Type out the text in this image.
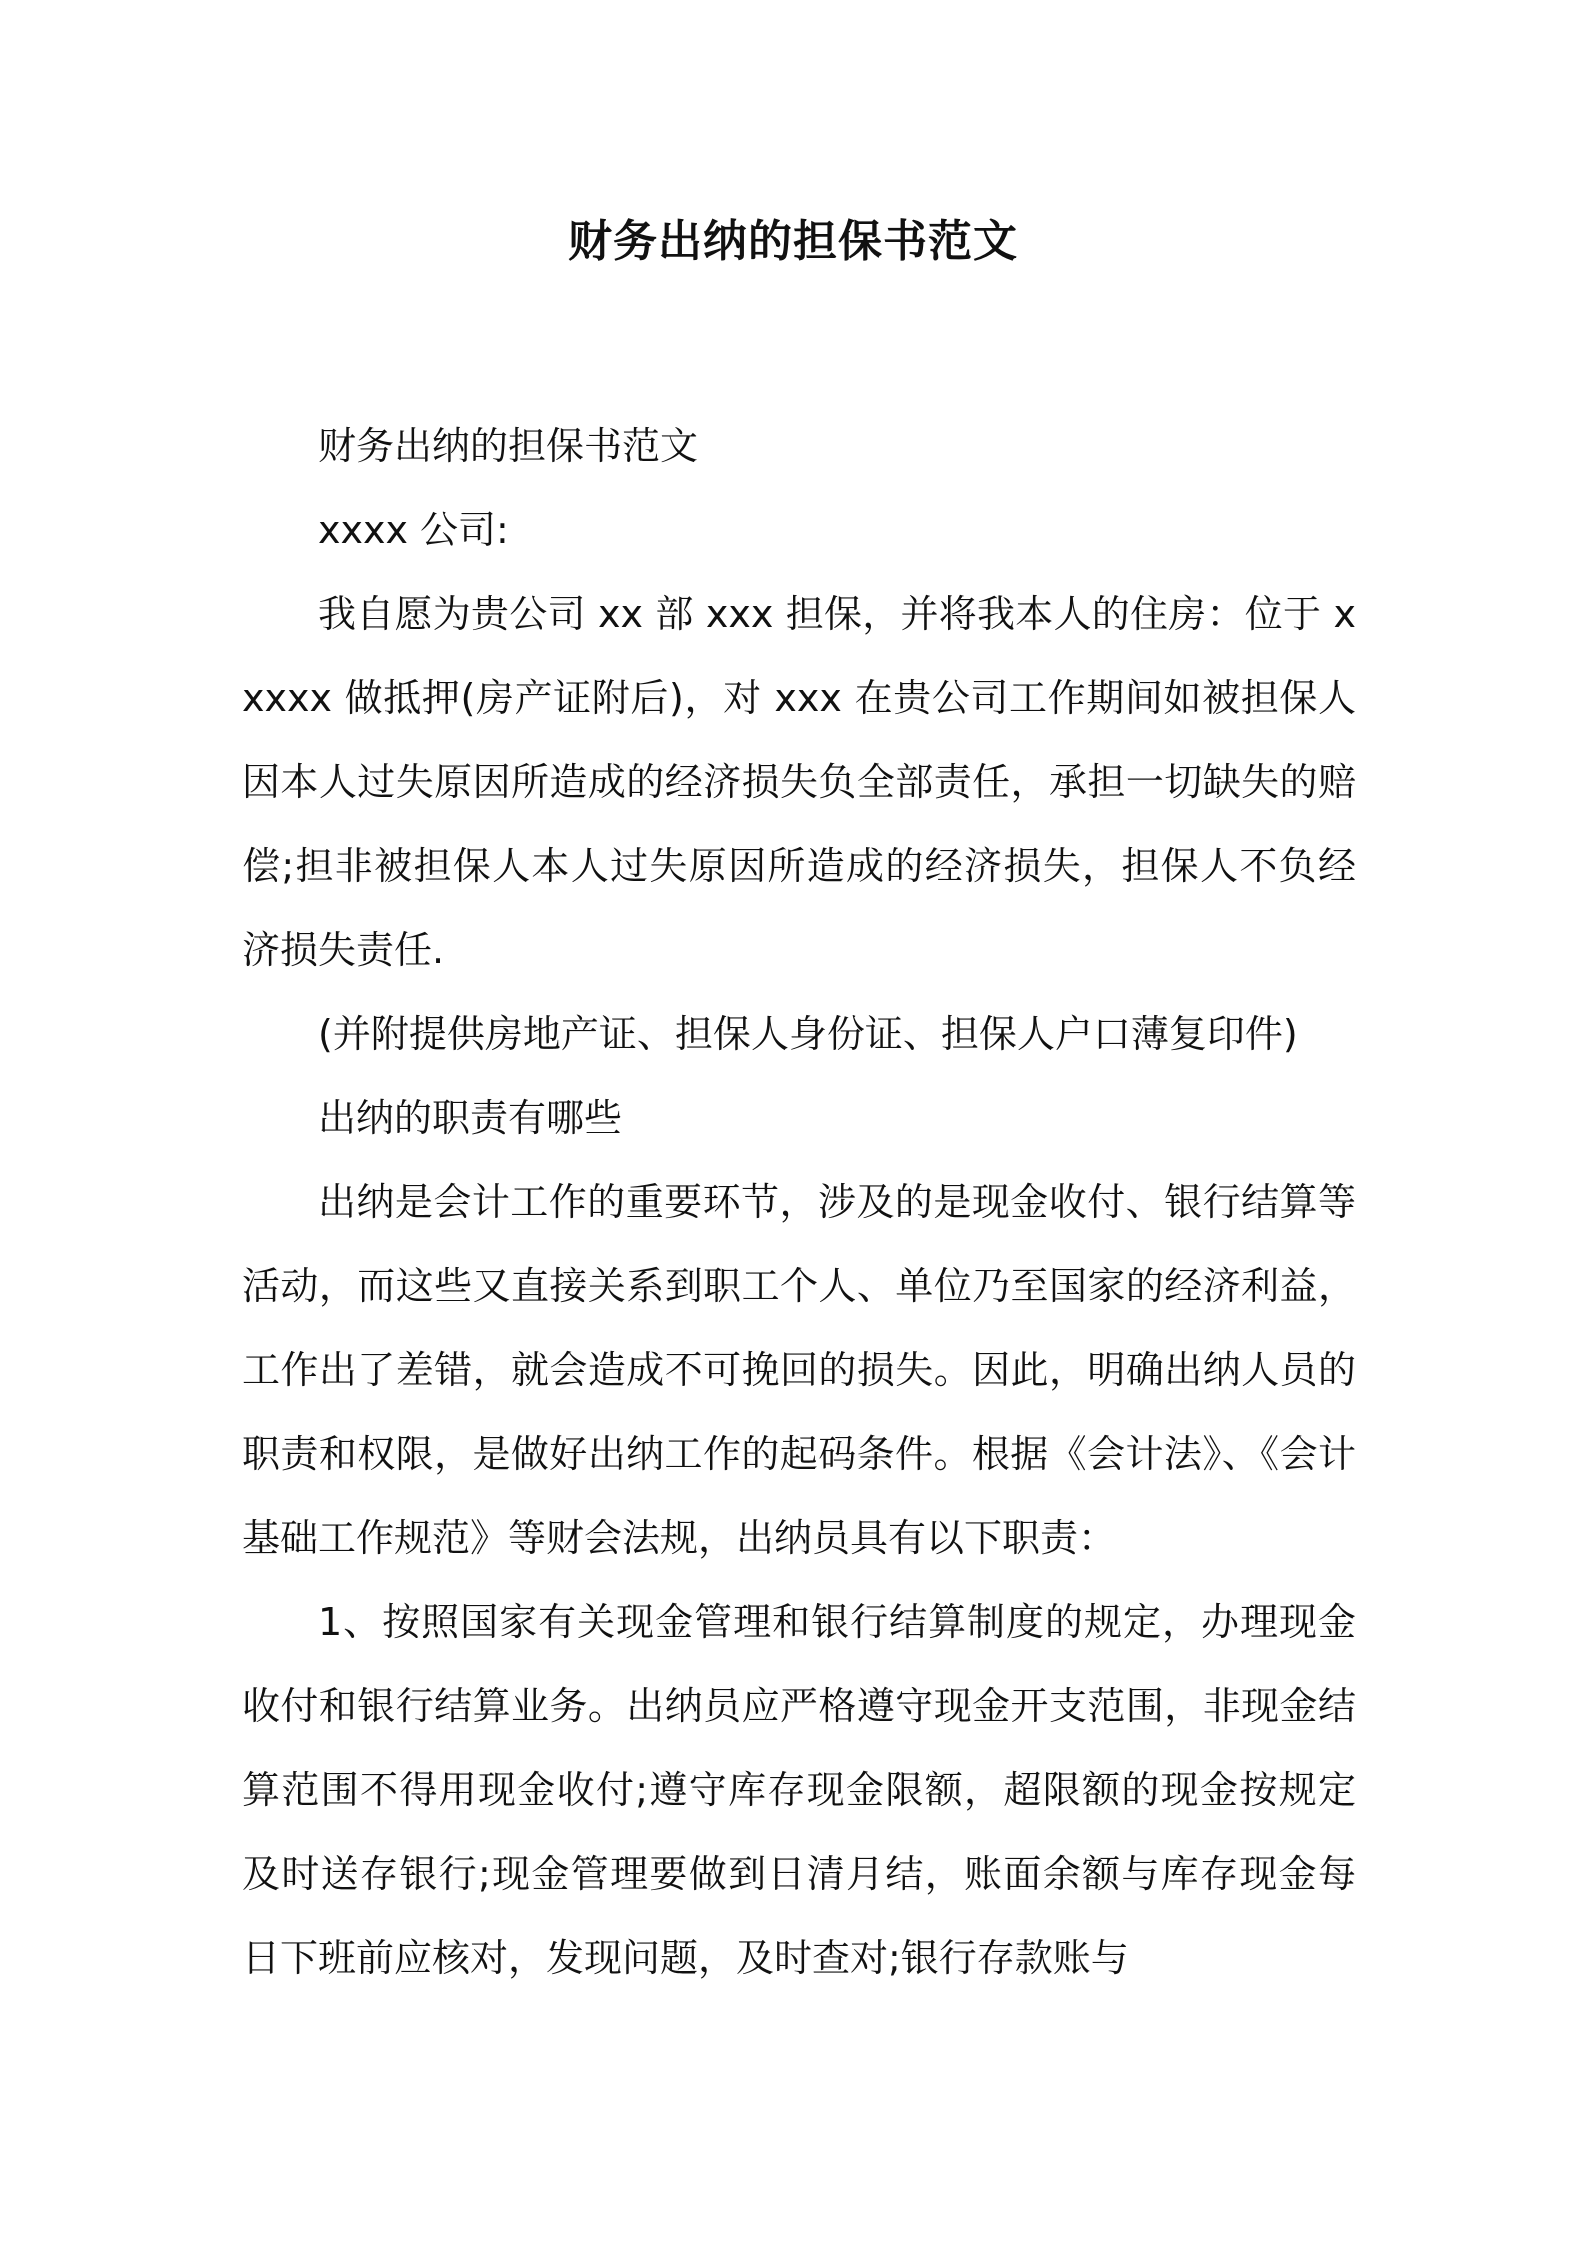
财务出纳的担保书范文

财务出纳的担保书范文

xxxx 公司:

我自愿为贵公司 xx 部 xxx 担保，并将我本人的住房：位于 xxxxx 做抵押(房产证附后)，对 xxx 在贵公司工作期间如被担保人因本人过失原因所造成的经济损失负全部责任，承担一切缺失的赔偿;担非被担保人本人过失原因所造成的经济损失，担保人不负经济损失责任.

(并附提供房地产证、担保人身份证、担保人户口薄复印件)

出纳的职责有哪些

出纳是会计工作的重要环节，涉及的是现金收付、银行结算等活动，而这些又直接关系到职工个人、单位乃至国家的经济利益，工作出了差错，就会造成不可挽回的损失。因此，明确出纳人员的职责和权限，是做好出纳工作的起码条件。根据《会计法》、《会计基础工作规范》等财会法规，出纳员具有以下职责：

1、按照国家有关现金管理和银行结算制度的规定，办理现金收付和银行结算业务。出纳员应严格遵守现金开支范围，非现金结算范围不得用现金收付;遵守库存现金限额，超限额的现金按规定及时送存银行;现金管理要做到日清月结，账面余额与库存现金每日下班前应核对，发现问题，及时查对;银行存款账与
